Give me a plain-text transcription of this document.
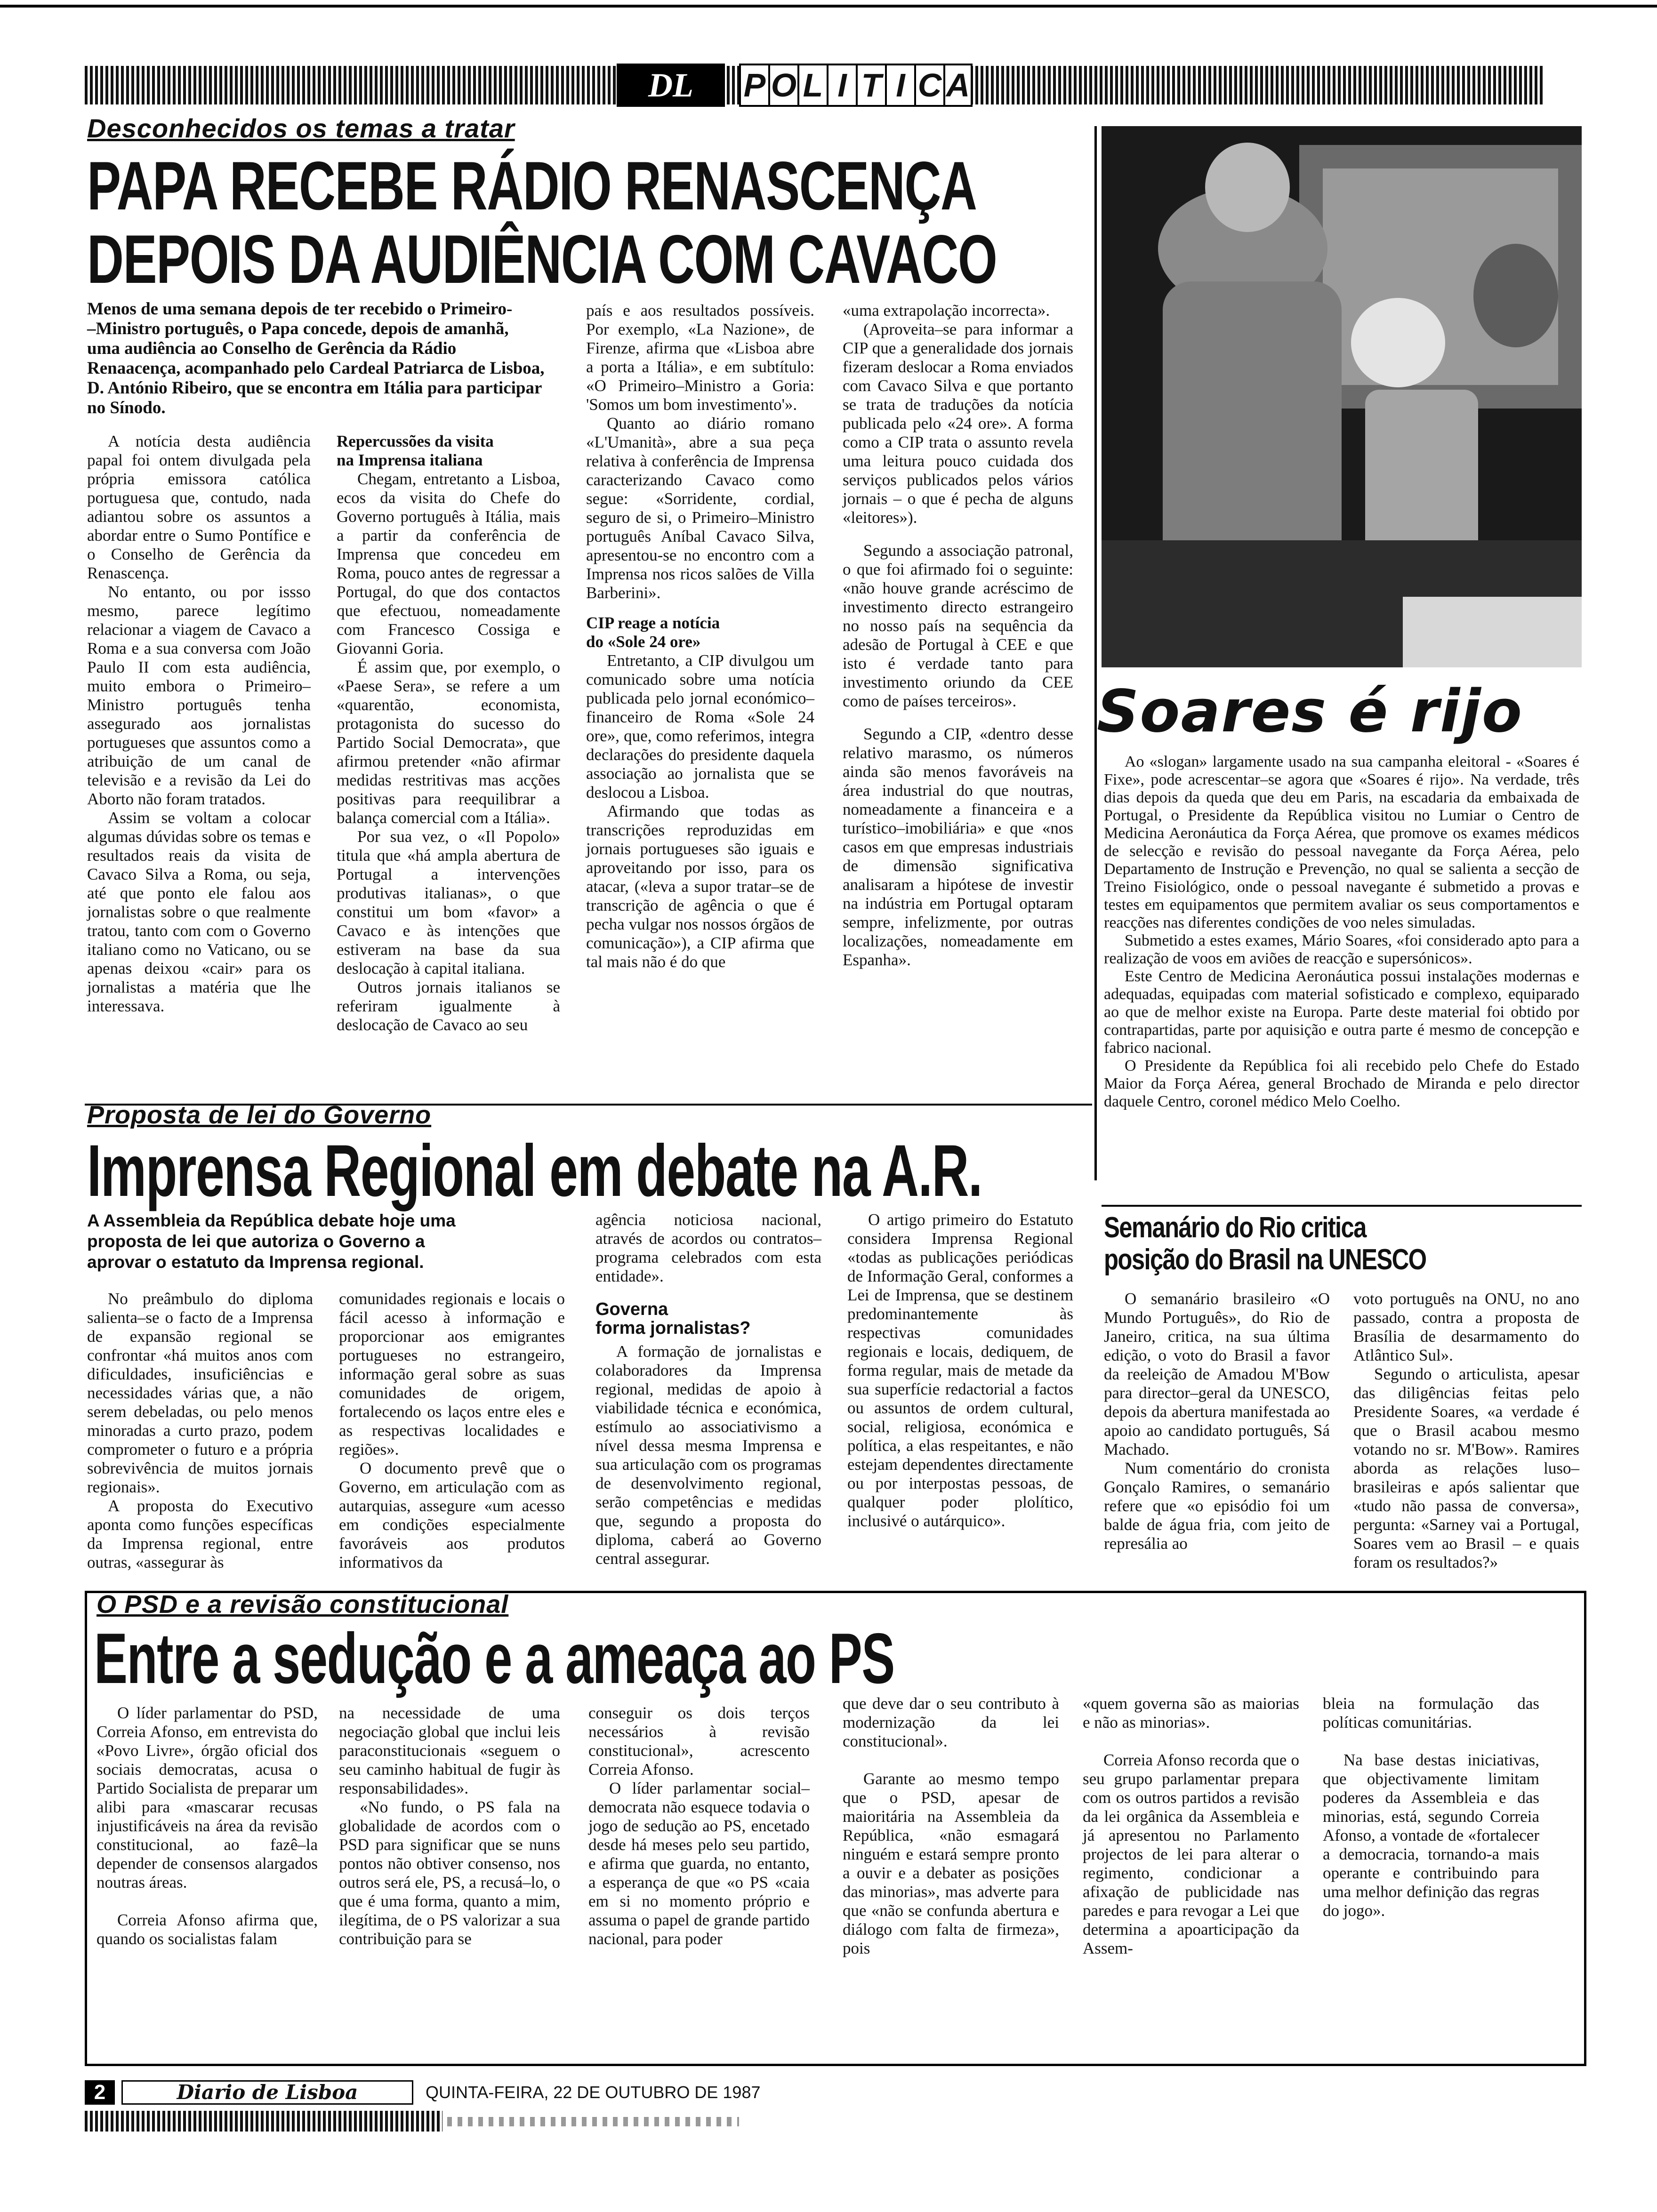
DL	P O L I T I C A
Desconhecidos os temas a tratar
PAPA RECEBE RÁDIO RENASCENÇA
DEPOIS DA AUDIÊNCIA COM CAVACO
Menos de uma semana depois de ter recebido o Primeiro-
–Ministro português, o Papa concede, depois de amanhã,
uma audiência ao Conselho de Gerência da Rádio
Renaacença, acompanhado pelo Cardeal Patriarca de Lisboa,
D. António Ribeiro, que se encontra em Itália para participar
no Sínodo.

A notícia desta audiência papal foi ontem divulgada pela própria emissora católica portuguesa que, contudo, nada adiantou sobre os assuntos a abordar entre o Sumo Pontífice e o Conselho de Gerência da Renascença.

No entanto, ou por issso mesmo, parece legítimo relacionar a viagem de Cavaco a Roma e a sua conversa com João Paulo II com esta audiência, muito embora o Primeiro–Ministro português tenha assegurado aos jornalistas portugueses que assuntos como a atribuição de um canal de televisão e a revisão da Lei do Aborto não foram tratados.

Assim se voltam a colocar algumas dúvidas sobre os temas e resultados reais da visita de Cavaco Silva a Roma, ou seja, até que ponto ele falou aos jornalistas sobre o que realmente tratou, tanto com com o Governo italiano como no Vaticano, ou se apenas deixou «cair» para os jornalistas a matéria que lhe interessava.

Repercussões da visita
na Imprensa italiana

Chegam, entretanto a Lisboa, ecos da visita do Chefe do Governo português à Itália, mais a partir da conferência de Imprensa que concedeu em Roma, pouco antes de regressar a Portugal, do que dos contactos que efectuou, nomeadamente com Francesco Cossiga e Giovanni Goria.

É assim que, por exemplo, o «Paese Sera», se refere a um «quarentão, economista, protagonista do sucesso do Partido Social Democrata», que afirmou pretender «não afirmar medidas restritivas mas acções positivas para reequilibrar a balança comercial com a Itália».

Por sua vez, o «Il Popolo» titula que «há ampla abertura de Portugal a intervenções produtivas italianas», o que constitui um bom «favor» a Cavaco e às intenções que estiveram na base da sua deslocação à capital italiana.

Outros jornais italianos se referiram igualmente à deslocação de Cavaco ao seu

país e aos resultados possíveis. Por exemplo, «La Nazione», de Firenze, afirma que «Lisboa abre a porta a Itália», e em subtítulo: «O Primeiro–Ministro a Goria: 'Somos um bom investimento'».

Quanto ao diário romano «L'Umanità», abre a sua peça relativa à conferência de Imprensa caracterizando Cavaco como segue: «Sorridente, cordial, seguro de si, o Primeiro–Ministro português Aníbal Cavaco Silva, apresentou-se no encontro com a Imprensa nos ricos salões de Villa Barberini».

CIP reage a notícia
do «Sole 24 ore»

Entretanto, a CIP divulgou um comunicado sobre uma notícia publicada pelo jornal económico–financeiro de Roma «Sole 24 ore», que, como referimos, integra declarações do presidente daquela associação ao jornalista que se deslocou a Lisboa.

Afirmando que todas as transcrições reproduzidas em jornais portugueses são iguais e aproveitando por isso, para os atacar, («leva a supor tratar–se de transcrição de agência o que é pecha vulgar nos nossos órgãos de comunicação»), a CIP afirma que tal mais não é do que

«uma extrapolação incorrecta».

(Aproveita–se para informar a CIP que a generalidade dos jornais fizeram deslocar a Roma enviados com Cavaco Silva e que portanto se trata de traduções da notícia publicada pelo «24 ore». A forma como a CIP trata o assunto revela uma leitura pouco cuidada dos serviços publicados pelos vários jornais – o que é pecha de alguns «leitores»).

Segundo a associação patronal, o que foi afirmado foi o seguinte: «não houve grande acréscimo de investimento directo estrangeiro no nosso país na sequência da adesão de Portugal à CEE e que isto é verdade tanto para investimento oriundo da CEE como de países terceiros».

Segundo a CIP, «dentro desse relativo marasmo, os números ainda são menos favoráveis na área industrial do que noutras, nomeadamente a financeira e a turístico–imobiliária» e que «nos casos em que empresas industriais de dimensão significativa analisaram a hipótese de investir na indústria em Portugal optaram sempre, infelizmente, por outras localizações, nomeadamente em Espanha».

Soares é rijo

Ao «slogan» largamente usado na sua campanha eleitoral - «Soares é Fixe», pode acrescentar–se agora que «Soares é rijo». Na verdade, três dias depois da queda que deu em Paris, na escadaria da embaixada de Portugal, o Presidente da República visitou no Lumiar o Centro de Medicina Aeronáutica da Força Aérea, que promove os exames médicos de selecção e revisão do pessoal navegante da Força Aérea, pelo Departamento de Instrução e Prevenção, no qual se salienta a secção de Treino Fisiológico, onde o pessoal navegante é submetido a provas e testes em equipamentos que permitem avaliar os seus comportamentos e reacções nas diferentes condições de voo neles simuladas.

Submetido a estes exames, Mário Soares, «foi considerado apto para a realização de voos em aviões de reacção e supersónicos».

Este Centro de Medicina Aeronáutica possui instalações modernas e adequadas, equipadas com material sofisticado e complexo, equiparado ao que de melhor existe na Europa. Parte deste material foi obtido por contrapartidas, parte por aquisição e outra parte é mesmo de concepção e fabrico nacional.

O Presidente da República foi ali recebido pelo Chefe do Estado Maior da Força Aérea, general Brochado de Miranda e pelo director daquele Centro, coronel médico Melo Coelho.

Proposta de lei do Governo
Imprensa Regional em debate na A.R.
A Assembleia da República debate hoje uma
proposta de lei que autoriza o Governo a
aprovar o estatuto da Imprensa regional.

No preâmbulo do diploma salienta–se o facto de a Imprensa de expansão regional se confrontar «há muitos anos com dificuldades, insuficiências e necessidades várias que, a não serem debeladas, ou pelo menos minoradas a curto prazo, podem comprometer o futuro e a própria sobrevivência de muitos jornais regionais».

A proposta do Executivo aponta como funções específicas da Imprensa regional, entre outras, «assegurar às

comunidades regionais e locais o fácil acesso à informação e proporcionar aos emigrantes portugueses no estrangeiro, informação geral sobre as suas comunidades de origem, fortalecendo os laços entre eles e as respectivas localidades e regiões».

O documento prevê que o Governo, em articulação com as autarquias, assegure «um acesso em condições especialmente favoráveis aos produtos informativos da

agência noticiosa nacional, através de acordos ou contratos–programa celebrados com esta entidade».

Governa
forma jornalistas?

A formação de jornalistas e colaboradores da Imprensa regional, medidas de apoio à viabilidade técnica e económica, estímulo ao associativismo a nível dessa mesma Imprensa e sua articulação com os programas de desenvolvimento regional, serão competências e medidas que, segundo a proposta do diploma, caberá ao Governo central assegurar.

O artigo primeiro do Estatuto considera Imprensa Regional «todas as publicações periódicas de Informação Geral, conformes a Lei de Imprensa, que se destinem predominantemente às respectivas comunidades regionais e locais, dediquem, de forma regular, mais de metade da sua superfície redactorial a factos ou assuntos de ordem cultural, social, religiosa, económica e política, a elas respeitantes, e não estejam dependentes directamente ou por interpostas pessoas, de qualquer poder plolítico, inclusivé o autárquico».

Semanário do Rio critica
posição do Brasil na UNESCO

O semanário brasileiro «O Mundo Português», do Rio de Janeiro, critica, na sua última edição, o voto do Brasil a favor da reeleição de Amadou M'Bow para director–geral da UNESCO, depois da abertura manifestada ao apoio ao candidato português, Sá Machado.

Num comentário do cronista Gonçalo Ramires, o semanário refere que «o episódio foi um balde de água fria, com jeito de represália ao

voto português na ONU, no ano passado, contra a proposta de Brasília de desarmamento do Atlântico Sul».

Segundo o articulista, apesar das diligências feitas pelo Presidente Soares, «a verdade é que o Brasil acabou mesmo votando no sr. M'Bow». Ramires aborda as relações luso–brasileiras e após salientar que «tudo não passa de conversa», pergunta: «Sarney vai a Portugal, Soares vem ao Brasil – e quais foram os resultados?»

O PSD e a revisão constitucional
Entre a sedução e a ameaça ao PS

O líder parlamentar do PSD, Correia Afonso, em entrevista do «Povo Livre», órgão oficial dos sociais democratas, acusa o Partido Socialista de preparar um alibi para «mascarar recusas injustificáveis na área da revisão constitucional, ao fazê–la depender de consensos alargados noutras áreas.

Correia Afonso afirma que, quando os socialistas falam

na necessidade de uma negociação global que inclui leis paraconstitucionais «seguem o seu caminho habitual de fugir às responsabilidades».

«No fundo, o PS fala na globalidade de acordos com o PSD para significar que se nuns pontos não obtiver consenso, nos outros será ele, PS, a recusá–lo, o que é uma forma, quanto a mim, ilegítima, de o PS valorizar a sua contribuição para se

conseguir os dois terços necessários à revisão constitucional», acrescento Correia Afonso.

O líder parlamentar social–democrata não esquece todavia o jogo de sedução ao PS, encetado desde há meses pelo seu partido, e afirma que guarda, no entanto, a esperança de que «o PS «caia em si no momento próprio e assuma o papel de grande partido nacional, para poder

que deve dar o seu contributo à modernização da lei constitucional».

Garante ao mesmo tempo que o PSD, apesar de maioritária na Assembleia da República, «não esmagará ninguém e estará sempre pronto a ouvir e a debater as posições das minorias», mas adverte para que «não se confunda abertura e diálogo com falta de firmeza», pois

«quem governa são as maiorias e não as minorias».

Correia Afonso recorda que o seu grupo parlamentar prepara com os outros partidos a revisão da lei orgânica da Assembleia e já apresentou no Parlamento projectos de lei para alterar o regimento, condicionar a afixação de publicidade nas paredes e para revogar a Lei que determina a apoarticipação da Assem-

bleia na formulação das políticas comunitárias.

Na base destas iniciativas, que objectivamente limitam poderes da Assembleia e das minorias, está, segundo Correia Afonso, a vontade de «fortalecer a democracia, tornando-a mais operante e contribuindo para uma melhor definição das regras do jogo».

2	Diario de Lisboa	QUINTA-FEIRA, 22 DE OUTUBRO DE 1987
